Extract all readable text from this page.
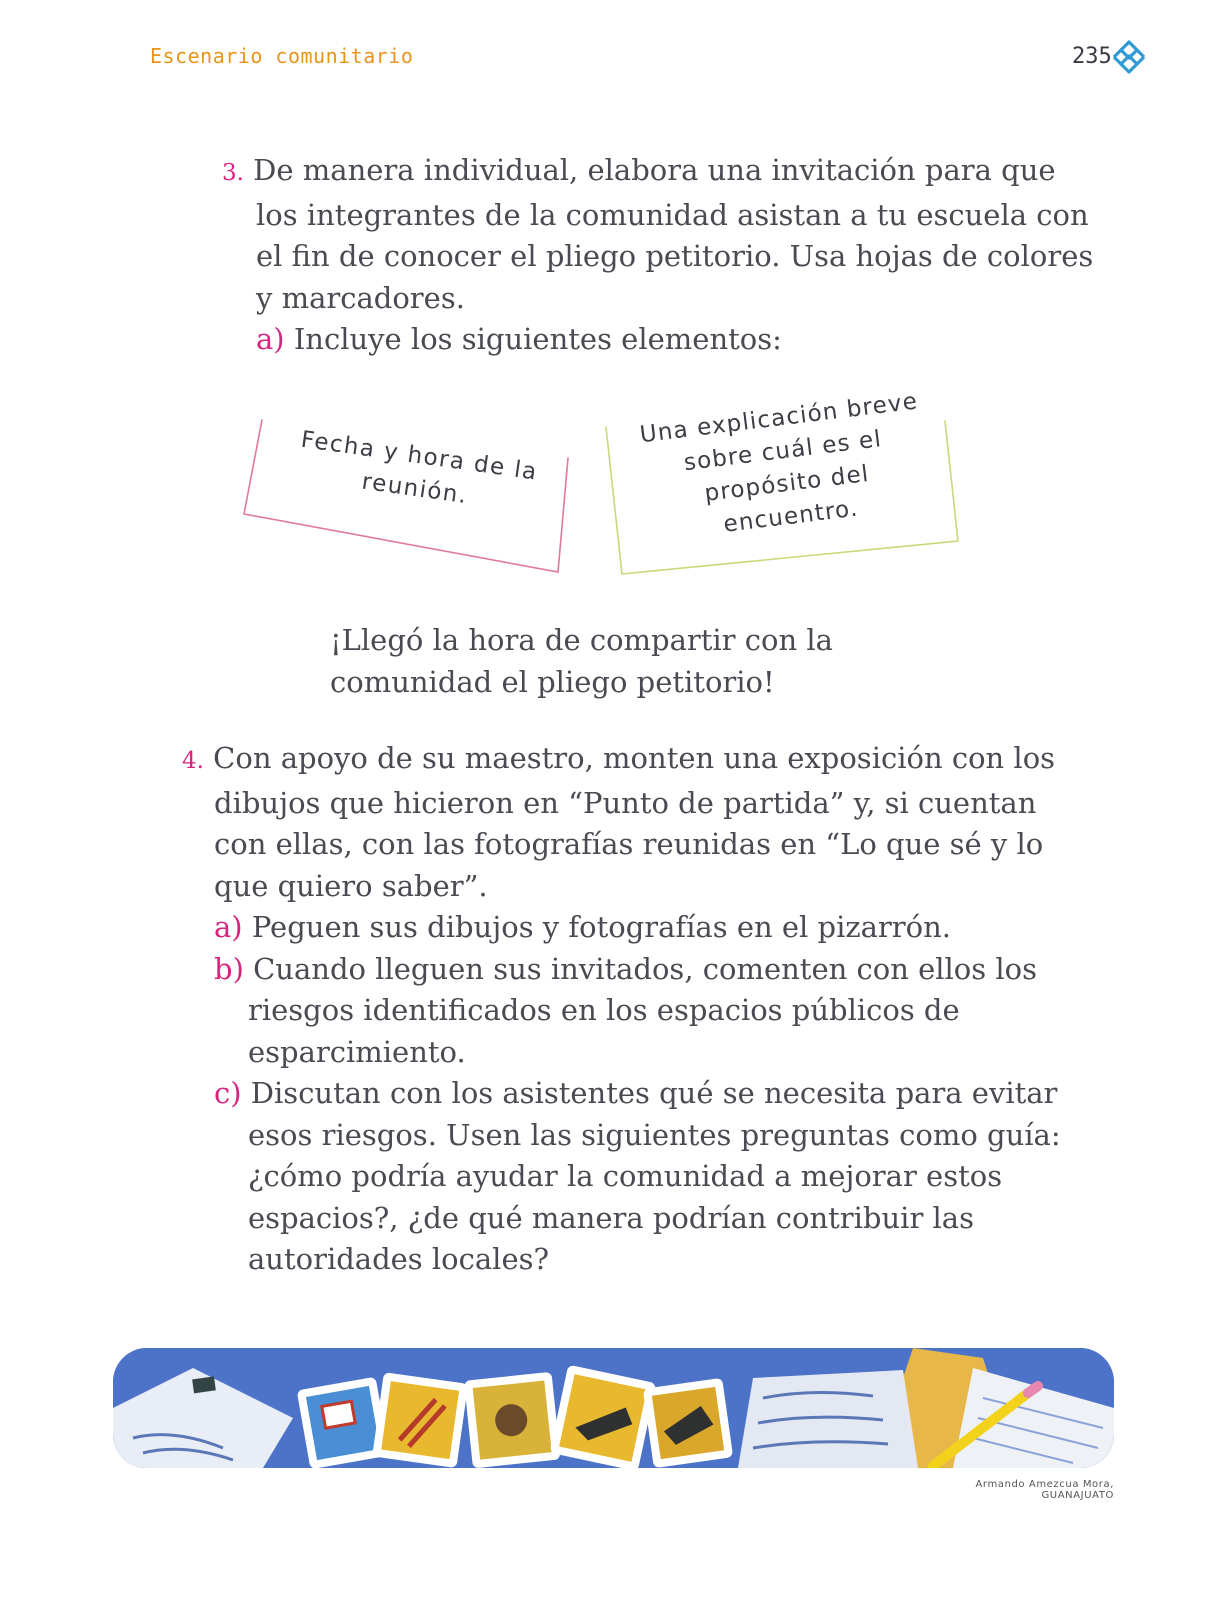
Escenario comunitario	235
3. De manera individual, elabora una invitación para que los integrantes de la comunidad asistan a tu escuela con el fin de conocer el pliego petitorio. Usa hojas de colores y marcadores.
a) Incluye los siguientes elementos:
Fecha y hora de la reunión.
Una explicación breve sobre cuál es el propósito del encuentro.
¡Llegó la hora de compartir con la comunidad el pliego petitorio!
4. Con apoyo de su maestro, monten una exposición con los dibujos que hicieron en “Punto de partida” y, si cuentan con ellas, con las fotografías reunidas en “Lo que sé y lo que quiero saber”.
a) Peguen sus dibujos y fotografías en el pizarrón.
b) Cuando lleguen sus invitados, comenten con ellos los riesgos identificados en los espacios públicos de esparcimiento.
c) Discutan con los asistentes qué se necesita para evitar esos riesgos. Usen las siguientes preguntas como guía: ¿cómo podría ayudar la comunidad a mejorar estos espacios?, ¿de qué manera podrían contribuir las autoridades locales?
Armando Amezcua Mora, GUANAJUATO
